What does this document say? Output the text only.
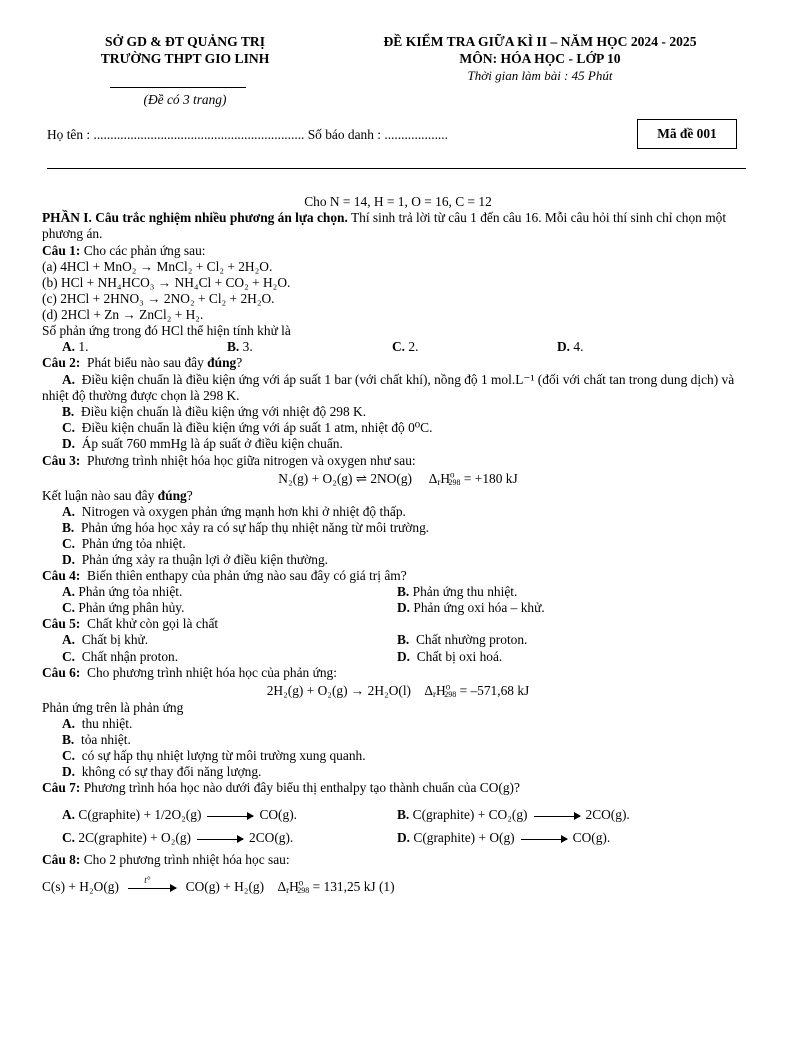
SỞ GD & ĐT QUẢNG TRỊ
TRƯỜNG THPT GIO LINH
(Đề có 3 trang)
ĐỀ KIỂM TRA GIỮA KÌ II – NĂM HỌC 2024 - 2025
MÔN: HÓA HỌC - LỚP 10
Thời gian làm bài : 45 Phút
Họ tên : ............................................................... Số báo danh : ...................	Mã đề 001
Cho N = 14, H = 1, O = 16, C = 12
PHẦN I. Câu trắc nghiệm nhiều phương án lựa chọn. Thí sinh trả lời từ câu 1 đến câu 16. Mỗi câu hỏi thí sinh chỉ chọn một phương án.
Câu 1: Cho các phản ứng sau:
(a) 4HCl + MnO₂ → MnCl₂ + Cl₂ + 2H₂O.
(b) HCl + NH₄HCO₃ → NH₄Cl + CO₂ + H₂O.
(c) 2HCl + 2HNO₃ → 2NO₂ + Cl₂ + 2H₂O.
(d) 2HCl + Zn → ZnCl₂ + H₂.
Số phản ứng trong đó HCl thể hiện tính khử là
A. 1.	B. 3.	C. 2.	D. 4.
Câu 2: Phát biểu nào sau đây đúng?
A. Điều kiện chuẩn là điều kiện ứng với áp suất 1 bar (với chất khí), nồng độ 1 mol.L⁻¹ (đối với chất tan trong dung dịch) và nhiệt độ thường được chọn là 298 K.
B. Điều kiện chuẩn là điều kiện ứng với nhiệt độ 298 K.
C. Điều kiện chuẩn là điều kiện ứng với áp suất 1 atm, nhiệt độ 0⁰C.
D. Áp suất 760 mmHg là áp suất ở điều kiện chuẩn.
Câu 3: Phương trình nhiệt hóa học giữa nitrogen và oxygen như sau:
N₂(g) + O₂(g) ⇌ 2NO(g) $\Delta_rH^o_{298} = +180$ kJ
Kết luận nào sau đây đúng?
A. Nitrogen và oxygen phản ứng mạnh hơn khi ở nhiệt độ thấp.
B. Phản ứng hóa học xảy ra có sự hấp thụ nhiệt năng từ môi trường.
C. Phản ứng tỏa nhiệt.
D. Phản ứng xảy ra thuận lợi ở điều kiện thường.
Câu 4: Biến thiên enthapy của phản ứng nào sau đây có giá trị âm?
A. Phản ứng tỏa nhiệt.	B. Phản ứng thu nhiệt.
C. Phản ứng phân hủy.	D. Phản ứng oxi hóa – khử.
Câu 5: Chất khử còn gọi là chất
A. Chất bị khử.	B. Chất nhường proton.
C. Chất nhận proton.	D. Chất bị oxi hoá.
Câu 6: Cho phương trình nhiệt hóa học của phản ứng:
2H₂(g) + O₂(g) → 2H₂O(l) $\Delta_rH^o_{298} = -571,68$ kJ
Phản ứng trên là phản ứng
A. thu nhiệt.
B. tỏa nhiệt.
C. có sự hấp thụ nhiệt lượng từ môi trường xung quanh.
D. không có sự thay đổi năng lượng.
Câu 7: Phương trình hóa học nào dưới đây biểu thị enthalpy tạo thành chuẩn của CO(g)?
A. C(graphite) + 1/2O₂(g)	CO(g).	B. C(graphite) + CO₂(g)	2CO(g).
C. 2C(graphite) + O₂(g)	2CO(g).	D. C(graphite) + O(g)	CO(g).
Câu 8: Cho 2 phương trình nhiệt hóa học sau:
C(s) + H₂O(g)	t°	CO(g) + H₂(g) $\Delta_rH^o_{298} = 131,25$ kJ (1)
